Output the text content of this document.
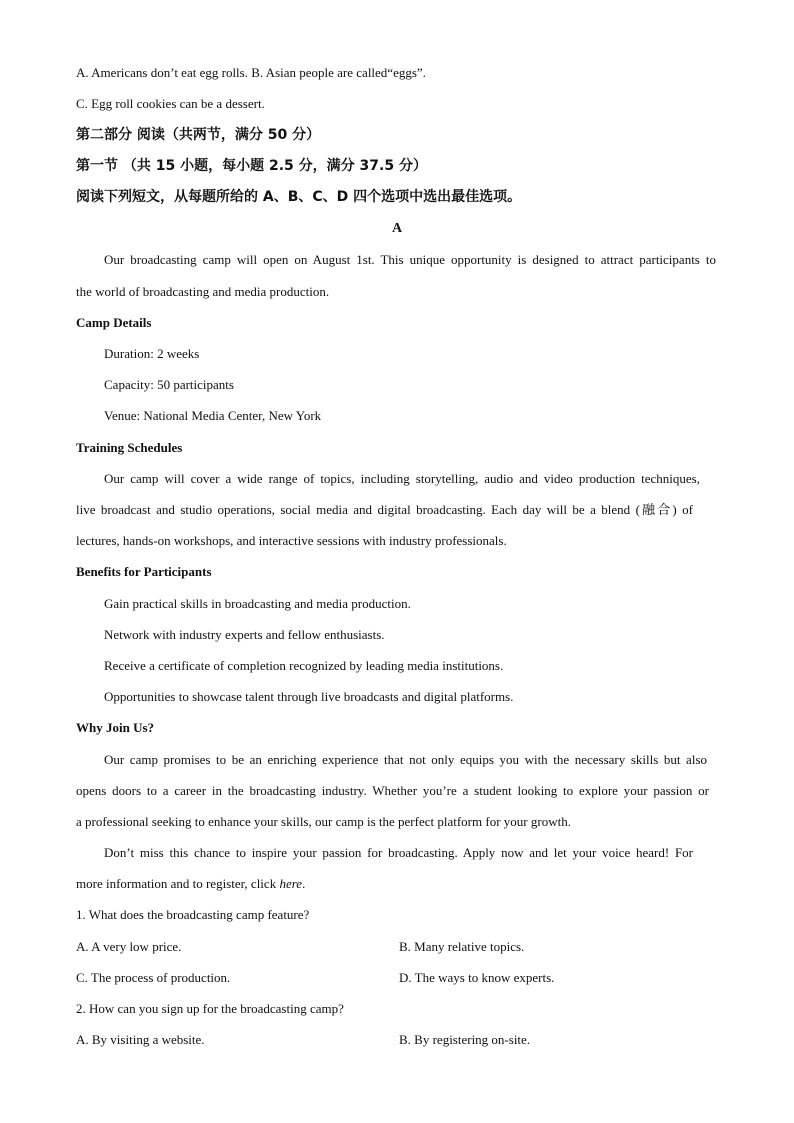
A. Americans don’t eat egg rolls. B. Asian people are called“eggs”.
C. Egg roll cookies can be a dessert.
第二部分 阅读（共两节，满分 50 分）
第一节 （共 15 小题，每小题 2.5 分，满分 37.5 分）
阅读下列短文，从每题所给的 A、B、C、D 四个选项中选出最佳选项。
A
Our broadcasting camp will open on August 1st. This unique opportunity is designed to attract participants to
the world of broadcasting and media production.
Camp Details
Duration: 2 weeks
Capacity: 50 participants
Venue: National Media Center, New York
Training Schedules
Our camp will cover a wide range of topics, including storytelling, audio and video production techniques,
live broadcast and studio operations, social media and digital broadcasting. Each day will be a blend (融合) of
lectures, hands-on workshops, and interactive sessions with industry professionals.
Benefits for Participants
Gain practical skills in broadcasting and media production.
Network with industry experts and fellow enthusiasts.
Receive a certificate of completion recognized by leading media institutions.
Opportunities to showcase talent through live broadcasts and digital platforms.
Why Join Us?
Our camp promises to be an enriching experience that not only equips you with the necessary skills but also
opens doors to a career in the broadcasting industry. Whether you’re a student looking to explore your passion or
a professional seeking to enhance your skills, our camp is the perfect platform for your growth.
Don’t miss this chance to inspire your passion for broadcasting. Apply now and let your voice heard! For
more information and to register, click here.
1. What does the broadcasting camp feature?
A. A very low price.	B. Many relative topics.
C. The process of production.	D. The ways to know experts.
2. How can you sign up for the broadcasting camp?
A. By visiting a website.	B. By registering on-site.
